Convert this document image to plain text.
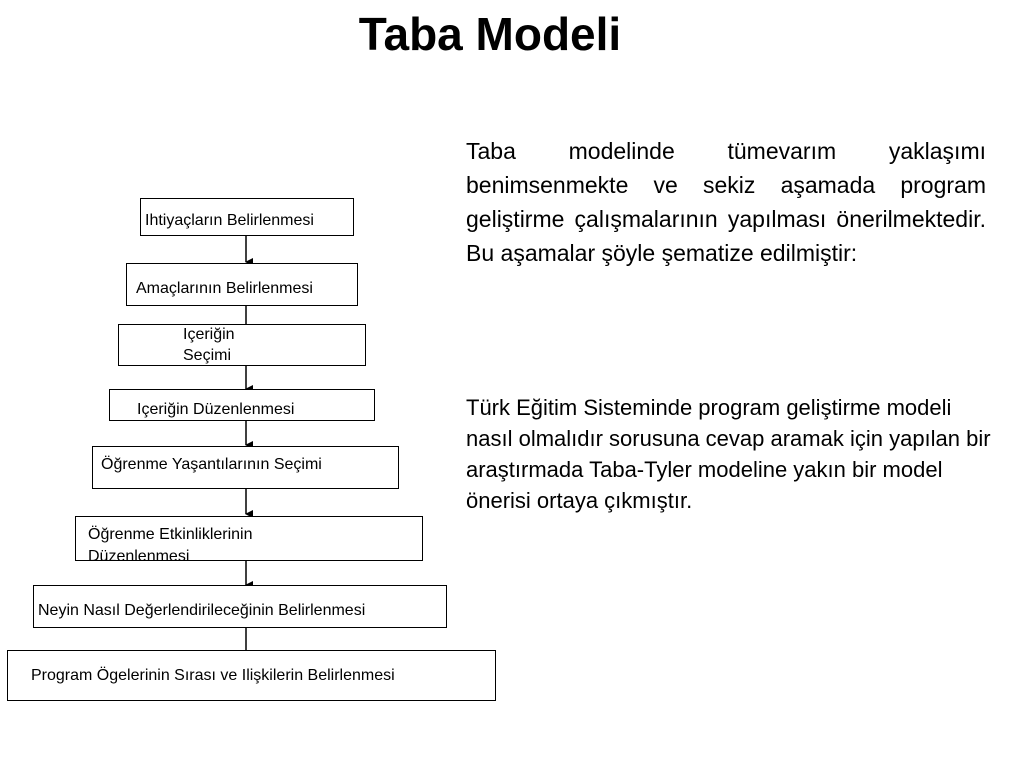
Taba Modeli
Taba modelinde tümevarım yaklaşımı benimsenmekte ve sekiz aşamada program geliştirme çalışmalarının yapılması önerilmektedir. Bu aşamalar şöyle şematize edilmiştir:
Türk Eğitim Sisteminde program geliştirme modeli nasıl olmalıdır sorusuna cevap aramak için yapılan bir araştırmada Taba-Tyler modeline yakın bir model önerisi ortaya çıkmıştır.
Ihtiyaçların Belirlenmesi
Amaçlarının Belirlenmesi
Içeriğin Seçimi
Içeriğin Düzenlenmesi
Öğrenme Yaşantılarının Seçimi
Öğrenme Etkinliklerinin Düzenlenmesi
Neyin Nasıl Değerlendirileceğinin Belirlenmesi
Program Ögelerinin Sırası ve Ilişkilerin Belirlenmesi
